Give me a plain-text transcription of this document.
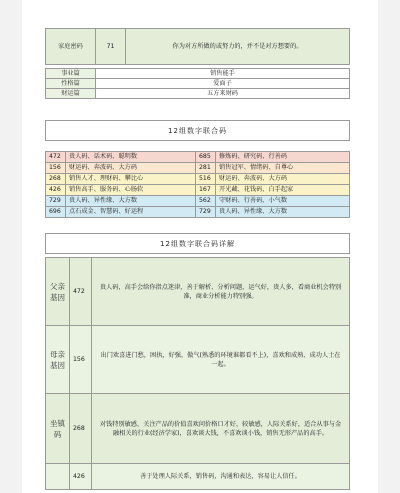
家庭密码	71	你为对方所做的或努力的，并不是对方想要的。

事业篇	销售能手	
性格篇	爱面子	
财运篇	五方来财码	
12组数字联合码			

472	贵人码、话术码、聪明数	685	修炼码、研究码、行善码
156	财运码、奔波码、大方码	281	销售冠军、情绪码、自尊心
268	销售人才、理财码、攀比心	516	财运码、奔波码、大方码
426	销售高手、服务码、心肠软	167	开光藏、花钱码、白手起家
729	贵人码、异性缘、大方数	562	守财码、行善码、小气数
696	点石成金、智慧码、好运程	729	贵人码、异性缘、大方数
12组数字联合码详解		

父亲基因	472	贵人码，高手会给你指点迷津，善于解析、分析问题，运气好，贵人多，看商业机会特别准，商业分析能力特别强。
母亲基因	156	出门欢喜进门愁，困执，好强，傲气(熟悉的环境谁都看不上)，喜欢和成熟、成功人士在一起。
坐镇码	268	对钱特别敏感，关注产品的价值喜欢问价格口才好，较敏感，人际关系好，适合从事与金融相关的行业(经济学家)，喜欢谈大钱，不喜欢谈小钱，销售无形产品的高手。
	426	善于处理人际关系，销售码，沟通和表达，容易让人信任。
